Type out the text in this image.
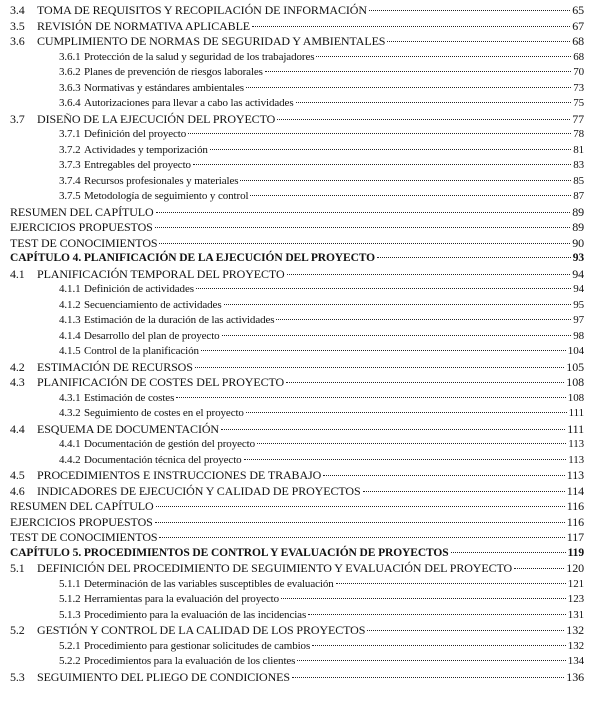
3.4	TOMA DE REQUISITOS Y RECOPILACIÓN DE INFORMACIÓN	65
3.5	REVISIÓN DE NORMATIVA APLICABLE	67
3.6	CUMPLIMIENTO DE NORMAS DE SEGURIDAD Y AMBIENTALES	68
3.6.1 Protección de la salud y seguridad de los trabajadores	68
3.6.2 Planes de prevención de riesgos laborales	70
3.6.3 Normativas y estándares ambientales	73
3.6.4 Autorizaciones para llevar a cabo las actividades	75
3.7	DISEÑO DE LA EJECUCIÓN DEL PROYECTO	77
3.7.1 Definición del proyecto	78
3.7.2 Actividades y temporización	81
3.7.3 Entregables del proyecto	83
3.7.4 Recursos profesionales y materiales	85
3.7.5 Metodología de seguimiento y control	87
RESUMEN DEL CAPÍTULO	89
EJERCICIOS PROPUESTOS	89
TEST DE CONOCIMIENTOS	90
CAPÍTULO 4. PLANIFICACIÓN DE LA EJECUCIÓN DEL PROYECTO	93
4.1	PLANIFICACIÓN TEMPORAL DEL PROYECTO	94
4.1.1 Definición de actividades	94
4.1.2 Secuenciamiento de actividades	95
4.1.3 Estimación de la duración de las actividades	97
4.1.4 Desarrollo del plan de proyecto	98
4.1.5 Control de la planificación	104
4.2	ESTIMACIÓN DE RECURSOS	105
4.3	PLANIFICACIÓN DE COSTES DEL PROYECTO	108
4.3.1 Estimación de costes	108
4.3.2 Seguimiento de costes en el proyecto	111
4.4	ESQUEMA DE DOCUMENTACIÓN	111
4.4.1 Documentación de gestión del proyecto	113
4.4.2 Documentación técnica del proyecto	113
4.5	PROCEDIMIENTOS E INSTRUCCIONES DE TRABAJO	113
4.6	INDICADORES DE EJECUCIÓN Y CALIDAD DE PROYECTOS	114
RESUMEN DEL CAPÍTULO	116
EJERCICIOS PROPUESTOS	116
TEST DE CONOCIMIENTOS	117
CAPÍTULO 5. PROCEDIMIENTOS DE CONTROL Y EVALUACIÓN DE PROYECTOS	119
5.1	DEFINICIÓN DEL PROCEDIMIENTO DE SEGUIMIENTO Y EVALUACIÓN DEL PROYECTO	120
5.1.1 Determinación de las variables susceptibles de evaluación	121
5.1.2 Herramientas para la evaluación del proyecto	123
5.1.3 Procedimiento para la evaluación de las incidencias	131
5.2	GESTIÓN Y CONTROL DE LA CALIDAD DE LOS PROYECTOS	132
5.2.1 Procedimiento para gestionar solicitudes de cambios	132
5.2.2 Procedimientos para la evaluación de los clientes	134
5.3	SEGUIMIENTO DEL PLIEGO DE CONDICIONES	136
